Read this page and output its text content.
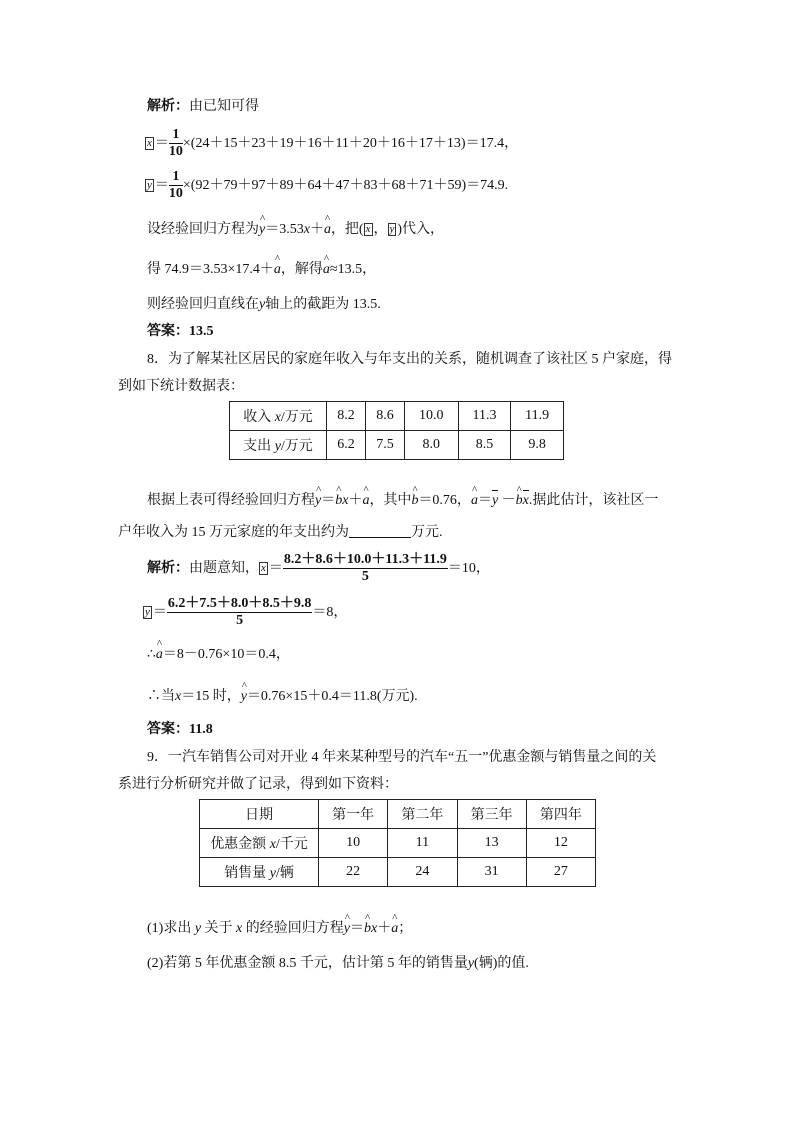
解析：由已知可得
$x = \frac{1}{10} \times(24+15+23+19+16+11+20+16+17+13)=17.4$，
$y = \frac{1}{10} \times(92+79+97+89+64+47+83+68+71+59)=74.9$.
设经验回归方程为^ y＝3.53x＋^ a，把( x ， y )代入，
得 74.9＝3.53×17.4＋^ a，解得^ a≈13.5，
则经验回归直线在y轴上的截距为 13.5.
答案：13.5
8．为了解某社区居民的家庭年收入与年支出的关系，随机调查了该社区 5 户家庭，得
到如下统计数据表：
收入 x/万元	8.2	8.6	10.0	11.3	11.9
支出 y/万元	6.2	7.5	8.0	8.5	9.8
根据上表可得经验回归方程^ y＝^ bx＋^ a，其中^ b＝0.76，^ a＝y －^ bx.据此估计，该社区一
户年收入为 15 万元家庭的年支出约为	万元.
解析：由题意知， $x = \frac{8.2+8.6+10.0+11.3+11.9}{5} =10$，
$y = \frac{6.2+7.5+8.0+8.5+9.8}{5} =8$，
∴^ a＝8－0.76×10＝0.4，
∴当x＝15 时，^ y＝0.76×15＋0.4＝11.8(万元).
答案：11.8
9．一汽车销售公司对开业 4 年来某种型号的汽车“五一”优惠金额与销售量之间的关
系进行分析研究并做了记录，得到如下资料：
日期	第一年	第二年	第三年	第四年
优惠金额 x/千元	10	11	13	12
销售量 y/辆	22	24	31	27
(1)求出 y 关于 x 的经验回归方程^ y＝^ bx＋^ a；
(2)若第 5 年优惠金额 8.5 千元，估计第 5 年的销售量y(辆)的值.
